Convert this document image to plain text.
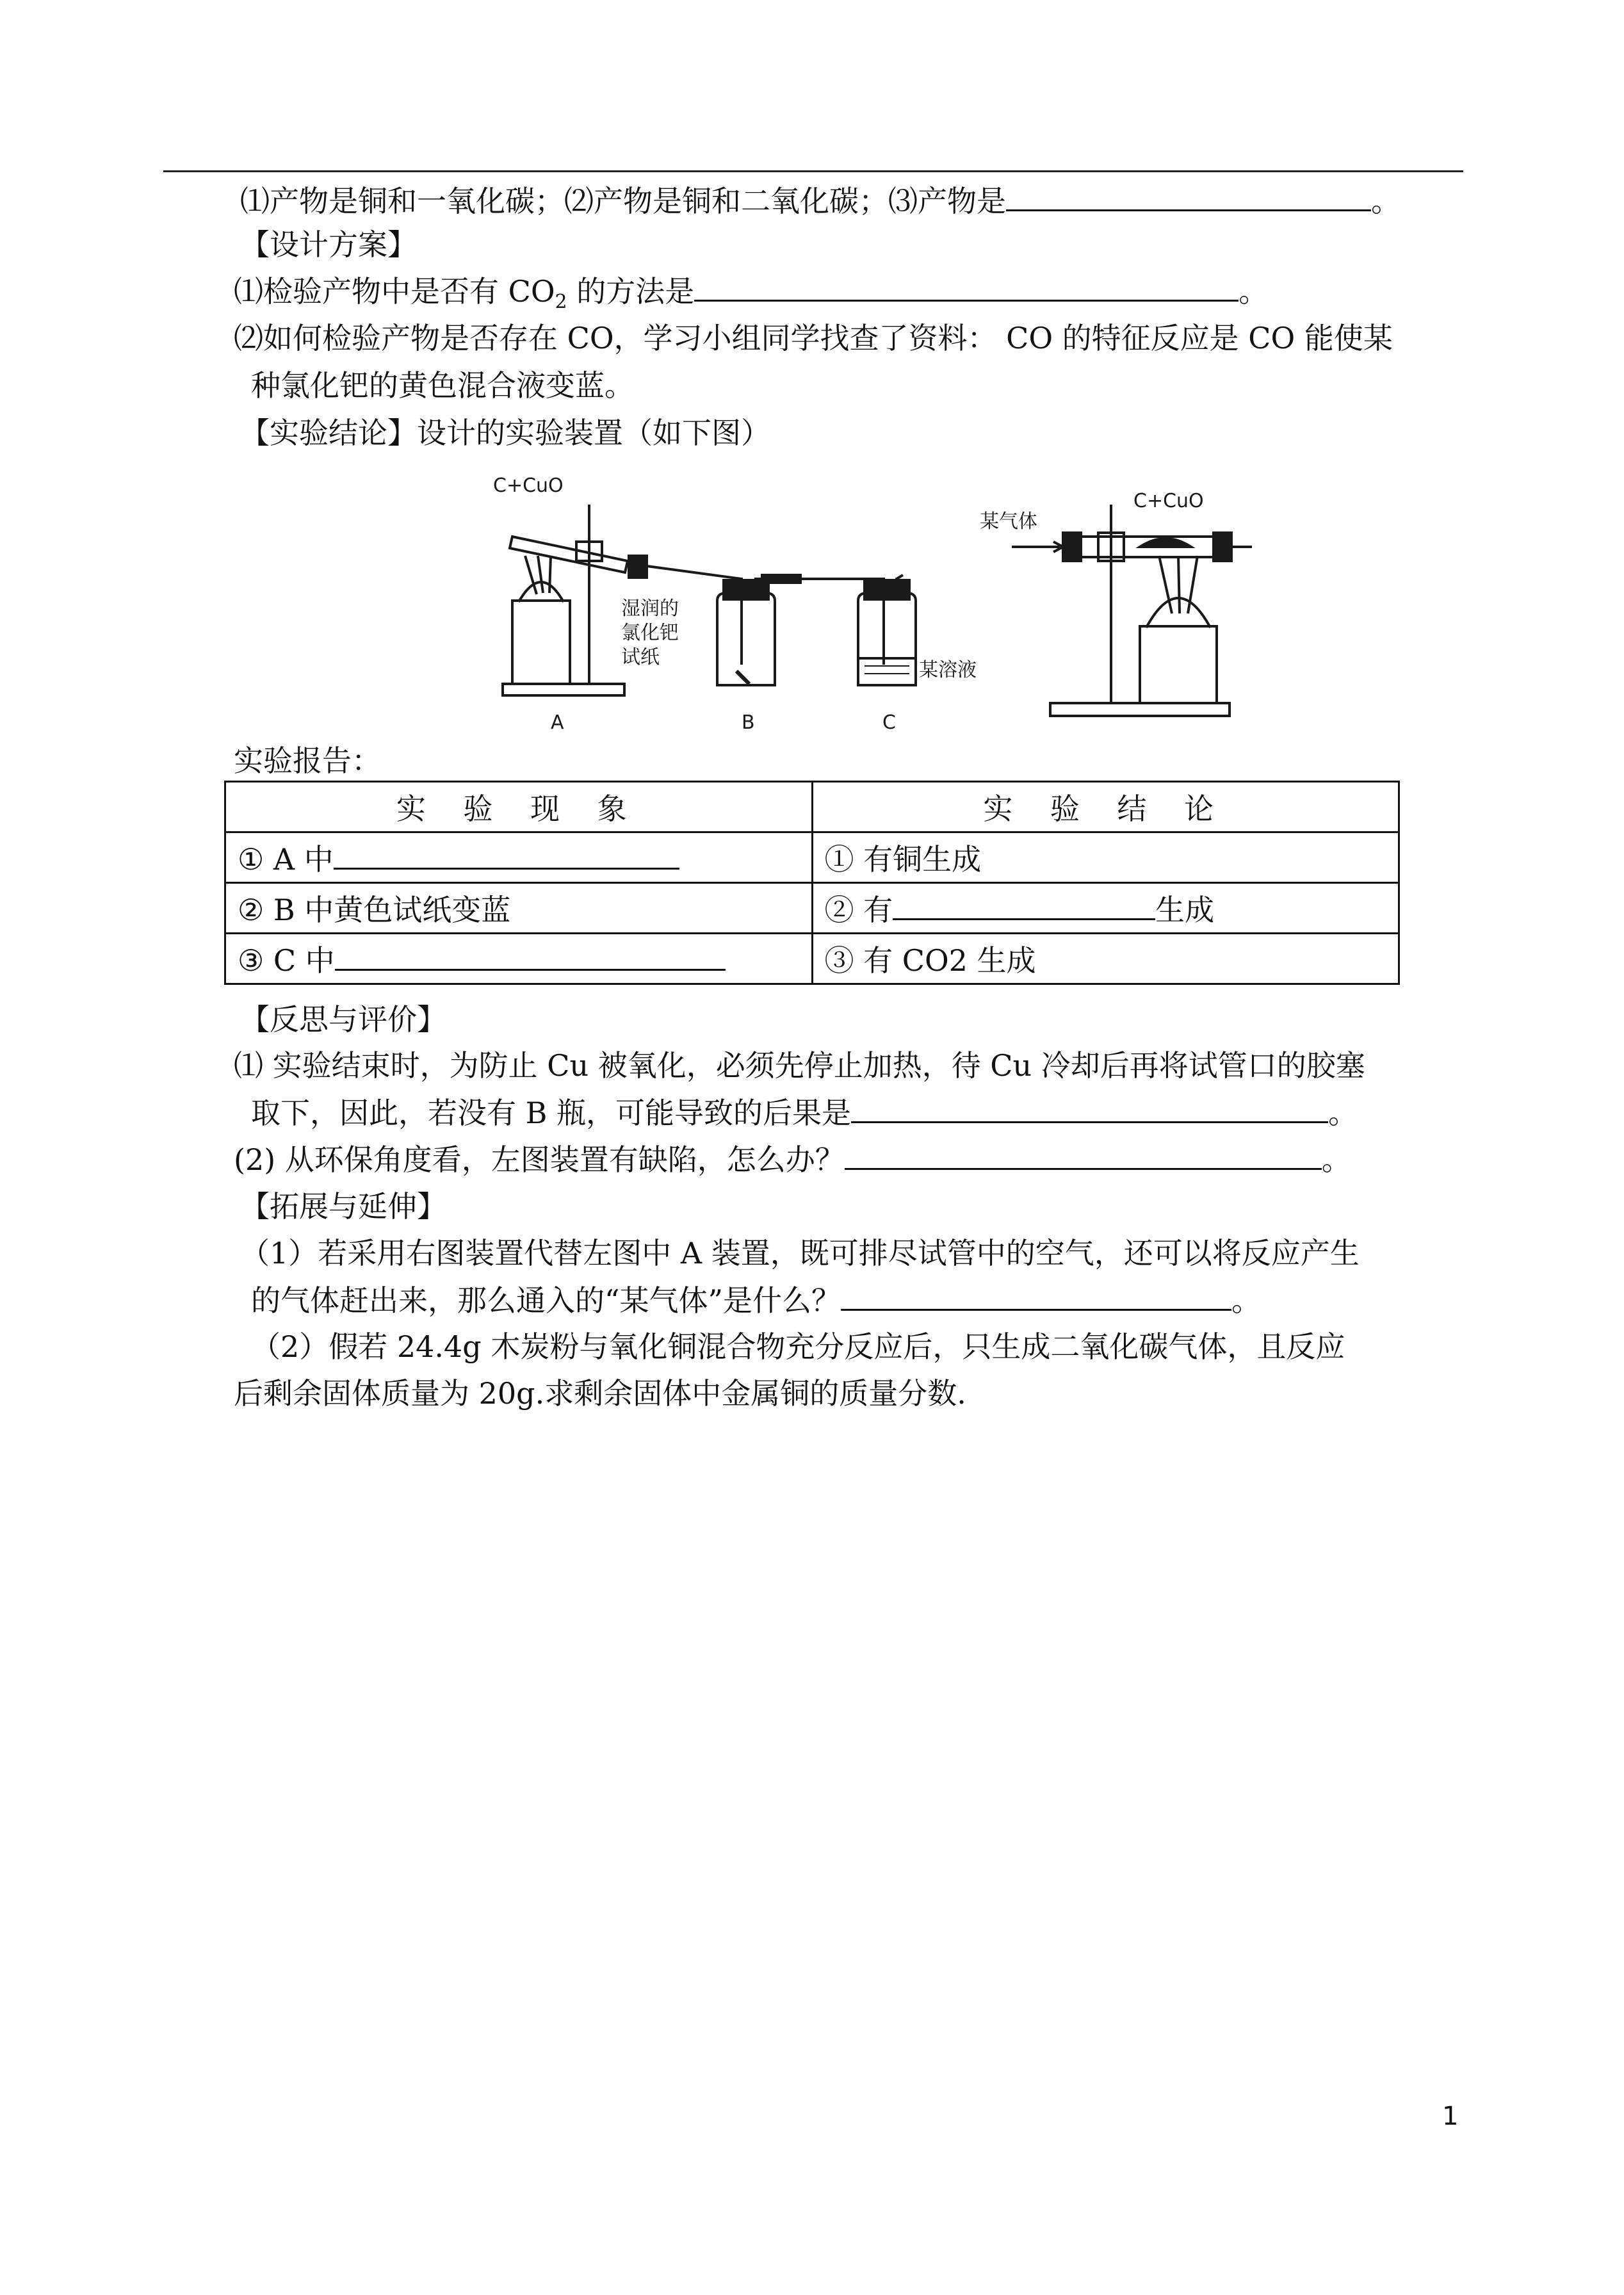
⑴产物是铜和一氧化碳；⑵产物是铜和二氧化碳；⑶产物是	。
【设计方案】
⑴检验产物中是否有 $CO_2$ 的方法是	。
⑵如何检验产物是否存在 CO，学习小组同学找查了资料： CO 的特征反应是 CO 能使某
种氯化钯的黄色混合液变蓝。
【实验结论】设计的实验装置（如下图）
C+CuO
湿润的
氯化钯
试纸
某溶液
A	B	C
某气体
C+CuO
实验报告：
实 验 现 象	实 验 结 论
① A 中	① 有铜生成
② B 中黄色试纸变蓝	② 有 生成
③ C 中	③ 有 CO2 生成
【反思与评价】
⑴ 实验结束时，为防止 Cu 被氧化，必须先停止加热，待 Cu 冷却后再将试管口的胶塞
取下，因此，若没有 B 瓶，可能导致的后果是	。
(2) 从环保角度看，左图装置有缺陷，怎么办？	。
【拓展与延伸】
（1）若采用右图装置代替左图中 A 装置，既可排尽试管中的空气，还可以将反应产生
的气体赶出来，那么通入的“某气体”是什么？	。
（2）假若 24.4g 木炭粉与氧化铜混合物充分反应后，只生成二氧化碳气体，且反应
后剩余固体质量为 20g.求剩余固体中金属铜的质量分数.
1
